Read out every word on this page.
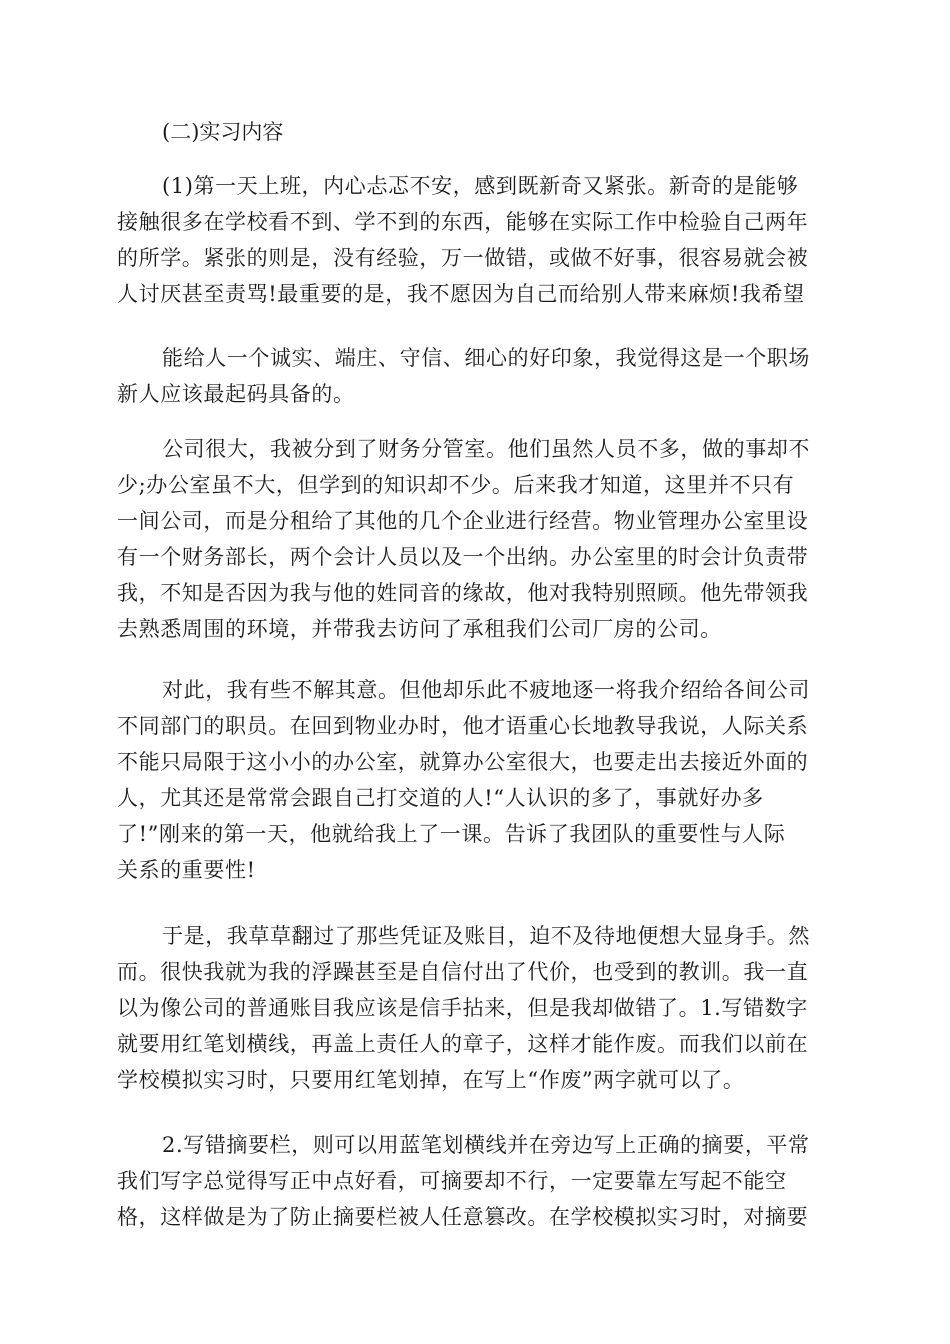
(二)实习内容
(1)第一天上班，内心忐忑不安，感到既新奇又紧张。新奇的是能够
接触很多在学校看不到、学不到的东西，能够在实际工作中检验自己两年
的所学。紧张的则是，没有经验，万一做错，或做不好事，很容易就会被
人讨厌甚至责骂!最重要的是，我不愿因为自己而给别人带来麻烦!我希望
能给人一个诚实、端庄、守信、细心的好印象，我觉得这是一个职场
新人应该最起码具备的。
公司很大，我被分到了财务分管室。他们虽然人员不多，做的事却不
少;办公室虽不大，但学到的知识却不少。后来我才知道，这里并不只有
一间公司，而是分租给了其他的几个企业进行经营。物业管理办公室里设
有一个财务部长，两个会计人员以及一个出纳。办公室里的时会计负责带
我，不知是否因为我与他的姓同音的缘故，他对我特别照顾。他先带领我
去熟悉周围的环境，并带我去访问了承租我们公司厂房的公司。
对此，我有些不解其意。但他却乐此不疲地逐一将我介绍给各间公司
不同部门的职员。在回到物业办时，他才语重心长地教导我说，人际关系
不能只局限于这小小的办公室，就算办公室很大，也要走出去接近外面的
人，尤其还是常常会跟自己打交道的人!“人认识的多了，事就好办多
了!”刚来的第一天，他就给我上了一课。告诉了我团队的重要性与人际
关系的重要性!
于是，我草草翻过了那些凭证及账目，迫不及待地便想大显身手。然
而。很快我就为我的浮躁甚至是自信付出了代价，也受到的教训。我一直
以为像公司的普通账目我应该是信手拈来，但是我却做错了。1.写错数字
就要用红笔划横线，再盖上责任人的章子，这样才能作废。而我们以前在
学校模拟实习时，只要用红笔划掉，在写上“作废”两字就可以了。
2.写错摘要栏，则可以用蓝笔划横线并在旁边写上正确的摘要，平常
我们写字总觉得写正中点好看，可摘要却不行，一定要靠左写起不能空
格，这样做是为了防止摘要栏被人任意篡改。在学校模拟实习时，对摘要
